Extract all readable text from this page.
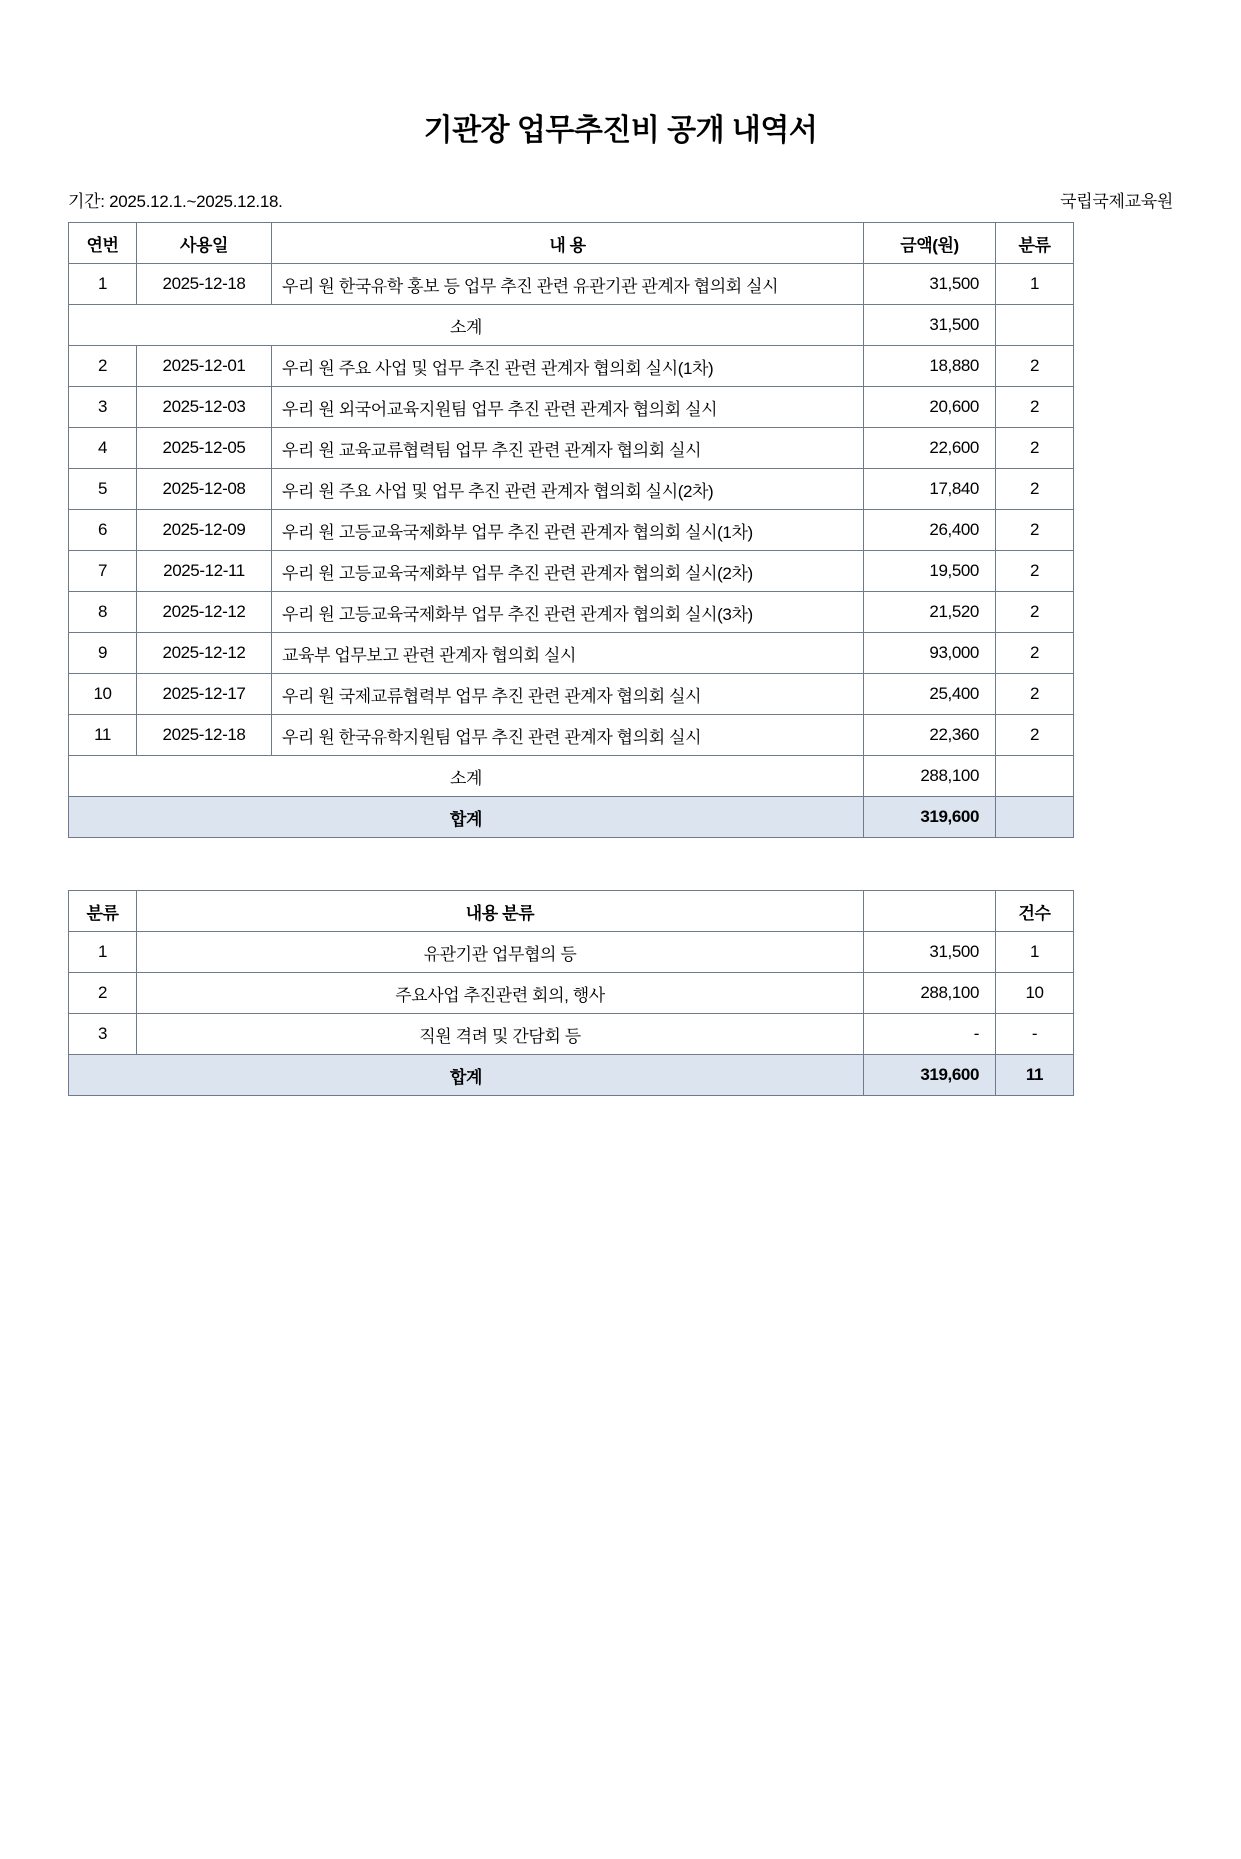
기관장 업무추진비 공개 내역서
기간: 2025.12.1.~2025.12.18.	국립국제교육원
연번	사용일	내 용	금액(원)	분류
1	2025-12-18	우리 원 한국유학 홍보 등 업무 추진 관련 유관기관 관계자 협의회 실시	31,500	1
소계			31,500	
2	2025-12-01	우리 원 주요 사업 및 업무 추진 관련 관계자 협의회 실시(1차)	18,880	2
3	2025-12-03	우리 원 외국어교육지원팀 업무 추진 관련 관계자 협의회 실시	20,600	2
4	2025-12-05	우리 원 교육교류협력팀 업무 추진 관련 관계자 협의회 실시	22,600	2
5	2025-12-08	우리 원 주요 사업 및 업무 추진 관련 관계자 협의회 실시(2차)	17,840	2
6	2025-12-09	우리 원 고등교육국제화부 업무 추진 관련 관계자 협의회 실시(1차)	26,400	2
7	2025-12-11	우리 원 고등교육국제화부 업무 추진 관련 관계자 협의회 실시(2차)	19,500	2
8	2025-12-12	우리 원 고등교육국제화부 업무 추진 관련 관계자 협의회 실시(3차)	21,520	2
9	2025-12-12	교육부 업무보고 관련 관계자 협의회 실시	93,000	2
10	2025-12-17	우리 원 국제교류협력부 업무 추진 관련 관계자 협의회 실시	25,400	2
11	2025-12-18	우리 원 한국유학지원팀 업무 추진 관련 관계자 협의회 실시	22,360	2
소계			288,100	
합계			319,600	
분류	내용 분류		건수
1	유관기관 업무협의 등	31,500	1
2	주요사업 추진관련 회의, 행사	288,100	10
3	직원 격려 및 간담회 등	-	-
합계		319,600	11
